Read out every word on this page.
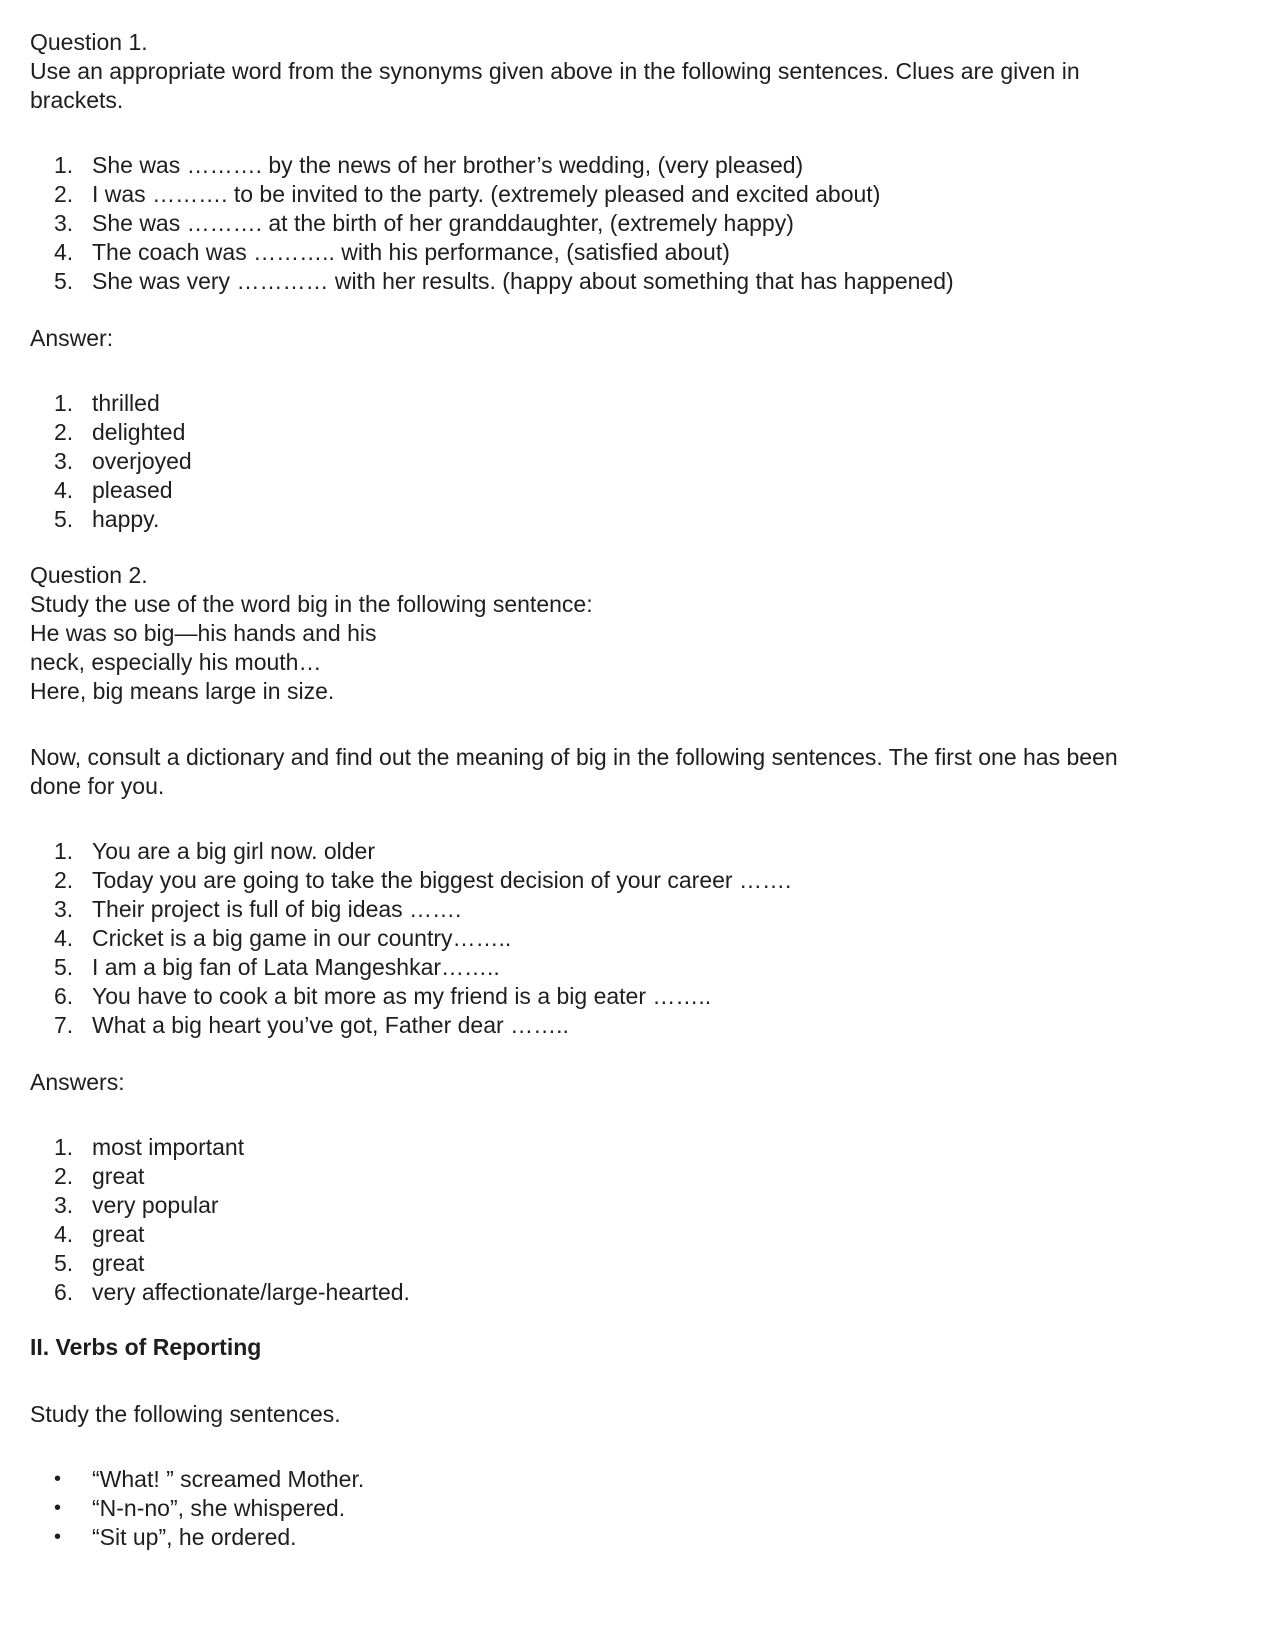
Question 1.
Use an appropriate word from the synonyms given above in the following sentences. Clues are given in
brackets.
1. She was ………. by the news of her brother’s wedding, (very pleased)
2. I was ………. to be invited to the party. (extremely pleased and excited about)
3. She was ………. at the birth of her granddaughter, (extremely happy)
4. The coach was ……….. with his performance, (satisfied about)
5. She was very ………… with her results. (happy about something that has happened)
Answer:
1. thrilled
2. delighted
3. overjoyed
4. pleased
5. happy.
Question 2.
Study the use of the word big in the following sentence:
He was so big—his hands and his
neck, especially his mouth…
Here, big means large in size.
Now, consult a dictionary and find out the meaning of big in the following sentences. The first one has been
done for you.
1. You are a big girl now. older
2. Today you are going to take the biggest decision of your career …….
3. Their project is full of big ideas …….
4. Cricket is a big game in our country……..
5. I am a big fan of Lata Mangeshkar……..
6. You have to cook a bit more as my friend is a big eater ……..
7. What a big heart you’ve got, Father dear ……..
Answers:
1. most important
2. great
3. very popular
4. great
5. great
6. very affectionate/large-hearted.
II. Verbs of Reporting
Study the following sentences.
• “What! ” screamed Mother.
• “N-n-no”, she whispered.
• “Sit up”, he ordered.
